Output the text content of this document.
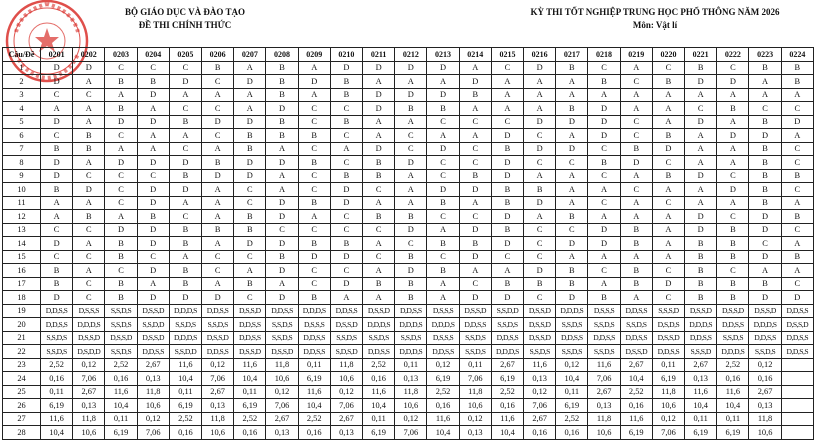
BỘ GIÁO DỤC VÀ ĐÀO TẠO
ĐỀ THI CHÍNH THỨC
KỲ THI TỐT NGHIỆP TRUNG HỌC PHỔ THÔNG NĂM 2026
Môn: Vật lí
Câu/Đề	0201	0202	0203	0204	0205	0206	0207	0208	0209	0210	0211	0212	0213	0214	0215	0216	0217	0218	0219	0220	0221	0222	0223	0224
1	D	D	C	C	C	B	A	B	A	D	D	D	D	A	C	D	B	C	A	C	B	C	B	B
2	D	A	B	B	D	C	D	B	D	B	A	A	A	D	A	A	A	B	C	B	D	D	A	B
3	C	C	A	D	A	A	A	B	A	B	D	D	D	B	A	A	A	A	A	A	A	A	A	A
4	A	A	B	A	C	C	A	D	C	C	D	B	B	A	A	A	B	D	A	A	C	B	C	C
5	D	A	D	D	B	D	D	B	C	B	A	A	C	C	C	D	D	D	C	A	D	A	B	D
6	C	B	C	A	A	C	B	B	B	C	A	C	A	A	D	C	A	D	C	B	A	D	D	A
7	B	B	A	A	C	A	B	A	C	A	D	C	D	C	B	D	D	C	B	D	A	A	B	C
8	D	A	D	D	D	B	D	D	B	C	B	D	C	C	D	C	C	B	D	C	A	A	B	C
9	D	C	C	C	B	D	D	A	C	B	B	A	C	B	D	A	A	C	A	B	D	C	B	B
10	B	D	C	D	D	A	C	A	C	D	C	A	D	D	B	B	A	A	C	A	A	D	B	C
11	A	A	C	D	A	A	C	D	B	D	A	A	B	A	B	D	A	C	A	C	A	A	B	A
12	A	B	A	B	C	A	B	D	A	C	B	B	C	C	D	A	B	A	A	A	D	C	D	B
13	C	C	D	D	B	B	B	C	C	C	C	D	A	D	B	C	C	D	B	A	D	B	D	C
14	D	A	B	D	B	A	D	D	B	B	A	C	B	B	D	C	D	D	B	A	B	B	C	A
15	C	C	B	C	A	C	C	B	D	D	C	B	C	D	C	C	A	A	A	A	B	B	D	B
16	B	A	C	D	B	C	A	D	C	C	A	D	B	A	A	D	B	C	B	C	B	C	A	A
17	B	C	B	A	B	A	B	A	C	D	B	B	A	C	B	B	B	A	B	D	B	B	B	C
18	D	C	B	D	D	D	C	D	B	A	A	B	A	D	D	C	D	B	A	C	B	B	D	D
19	D,D,S,S	D,S,S,S	S,S,D,S	D,S,S,D	D,D,D,S	D,D,S,S	D,S,S,D	D,D,S,S	D,D,D,S	D,D,S,S	D,S,S,D	D,D,S,S	D,S,S,S	D,S,S,D	S,S,D,D	D,S,S,D	D,D,D,S	D,S,S,S	D,D,S,S	S,S,S,D	D,S,S,D	D,S,S,D	D,S,S,D	D,D,S,S
20	D,D,S,S	D,D,D,S	S,S,D,S	S,S,D,D	S,S,D,S	S,S,D,S	D,D,S,S	S,S,D,S	D,S,S,S	D,S,S,D	D,D,D,S	D,D,D,S	D,D,D,S	D,D,S,S	S,S,D,S	D,S,S,D	S,S,D,S	S,S,D,S	S,S,D,S	D,S,D,S	D,D,D,S	D,D,S,S	D,D,D,S	D,S,S,D
21	S,S,D,S	D,S,S,D	D,S,S,D	D,S,S,D	D,D,D,S	D,S,S,D	D,D,S,S	S,S,D,S	D,D,S,S	S,S,D,S	S,S,D,S	S,S,D,S	D,S,S,S	S,S,D,S	D,D,S,S	D,S,S,D	D,D,S,S	D,D,S,S	D,D,S,S	D,S,S,D	D,D,S,S	S,S,D,S	D,D,S,S	D,D,S,S
22	S,S,D,S	D,S,D,D	S,S,D,S	D,D,S,S	S,S,D,D	D,D,S,S	D,S,S,D	D,S,S,D	D,D,S,S	S,D,S,D	D,D,S,S	D,D,D,S	D,D,S,S	S,S,D,S	D,D,D,S	S,S,D,S	S,S,D,S	S,S,D,S	D,S,S,D	D,D,S,S	S,S,S,D	D,D,D,S	S,S,D,S	D,D,S,S
23	2,52	0,12	2,52	2,67	11,6	0,12	11,6	11,8	0,11	11,8	2,52	0,11	0,12	0,11	2,67	11,6	0,12	11,6	2,67	0,11	2,67	2,52	0,12	
24	0,16	7,06	0,16	0,13	10,4	7,06	10,4	10,6	6,19	10,6	0,16	0,13	6,19	7,06	6,19	0,13	10,4	7,06	10,4	6,19	0,13	0,16	0,16	
25	0,11	2,67	11,6	11,8	0,11	2,67	0,11	0,12	11,6	0,12	11,6	11,8	2,52	11,8	2,52	0,12	0,11	2,67	2,52	11,8	11,6	11,6	2,67	
26	6,19	0,13	10,4	10,6	6,19	0,13	6,19	7,06	10,4	7,06	10,4	10,6	0,16	10,6	0,16	7,06	6,19	0,13	0,16	10,6	10,4	10,4	0,13	
27	11,6	11,8	0,11	0,12	2,52	11,8	2,52	2,67	2,52	2,67	0,11	0,12	11,6	0,12	11,6	2,67	2,52	11,8	11,6	0,12	0,11	0,11	11,8	
28	10,4	10,6	6,19	7,06	0,16	10,6	0,16	0,13	0,16	0,13	6,19	7,06	10,4	0,13	10,4	0,16	0,16	10,6	6,19	7,06	6,19	6,19	10,6	
